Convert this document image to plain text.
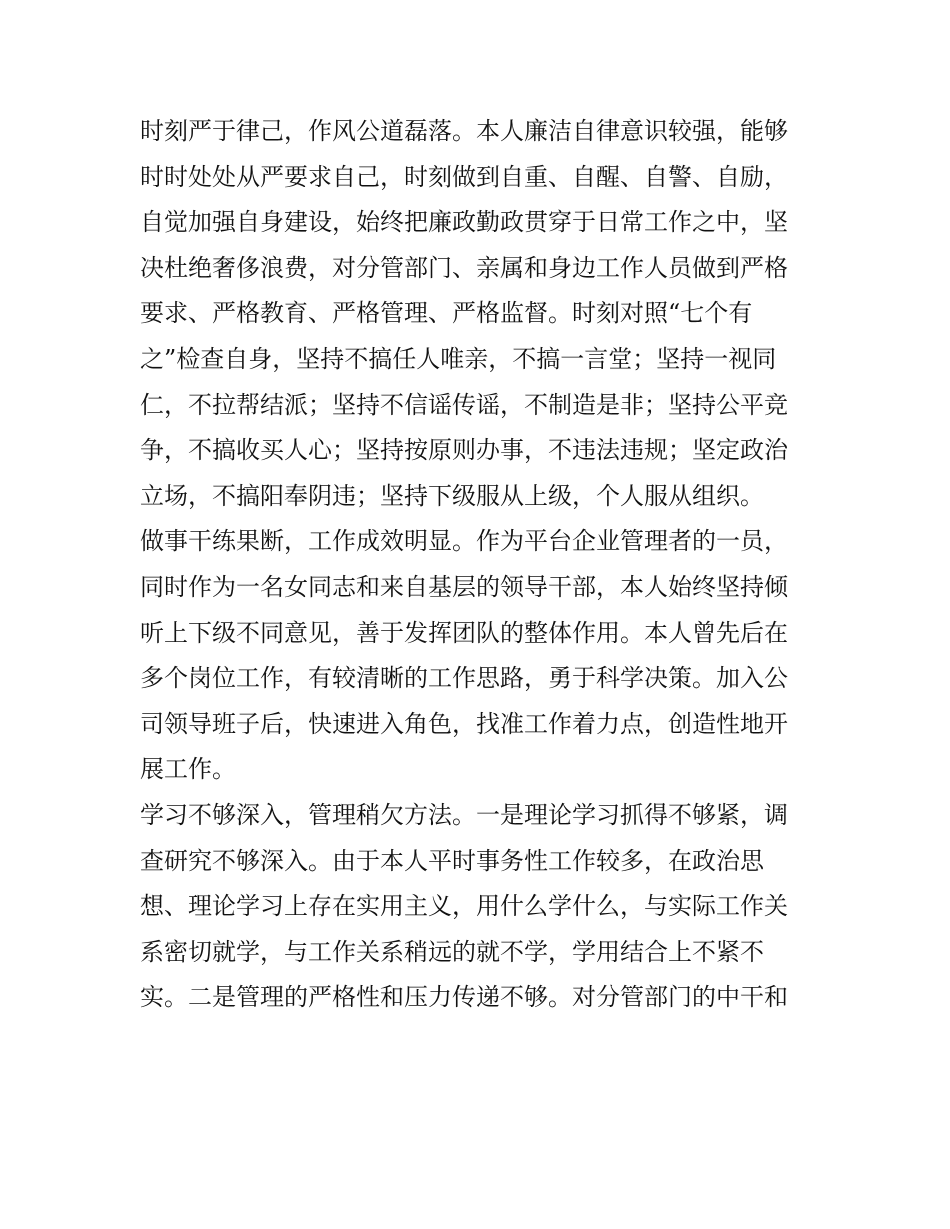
时刻严于律己，作风公道磊落。本人廉洁自律意识较强，能够
时时处处从严要求自己，时刻做到自重、自醒、自警、自励，
自觉加强自身建设，始终把廉政勤政贯穿于日常工作之中，坚
决杜绝奢侈浪费，对分管部门、亲属和身边工作人员做到严格
要求、严格教育、严格管理、严格监督。时刻对照“七个有
之”检查自身，坚持不搞任人唯亲，不搞一言堂；坚持一视同
仁，不拉帮结派；坚持不信谣传谣，不制造是非；坚持公平竞
争，不搞收买人心；坚持按原则办事，不违法违规；坚定政治
立场，不搞阳奉阴违；坚持下级服从上级，个人服从组织。
做事干练果断，工作成效明显。作为平台企业管理者的一员，
同时作为一名女同志和来自基层的领导干部，本人始终坚持倾
听上下级不同意见，善于发挥团队的整体作用。本人曾先后在
多个岗位工作，有较清晰的工作思路，勇于科学决策。加入公
司领导班子后，快速进入角色，找准工作着力点，创造性地开
展工作。
学习不够深入，管理稍欠方法。一是理论学习抓得不够紧，调
查研究不够深入。由于本人平时事务性工作较多，在政治思
想、理论学习上存在实用主义，用什么学什么，与实际工作关
系密切就学，与工作关系稍远的就不学，学用结合上不紧不
实。二是管理的严格性和压力传递不够。对分管部门的中干和
